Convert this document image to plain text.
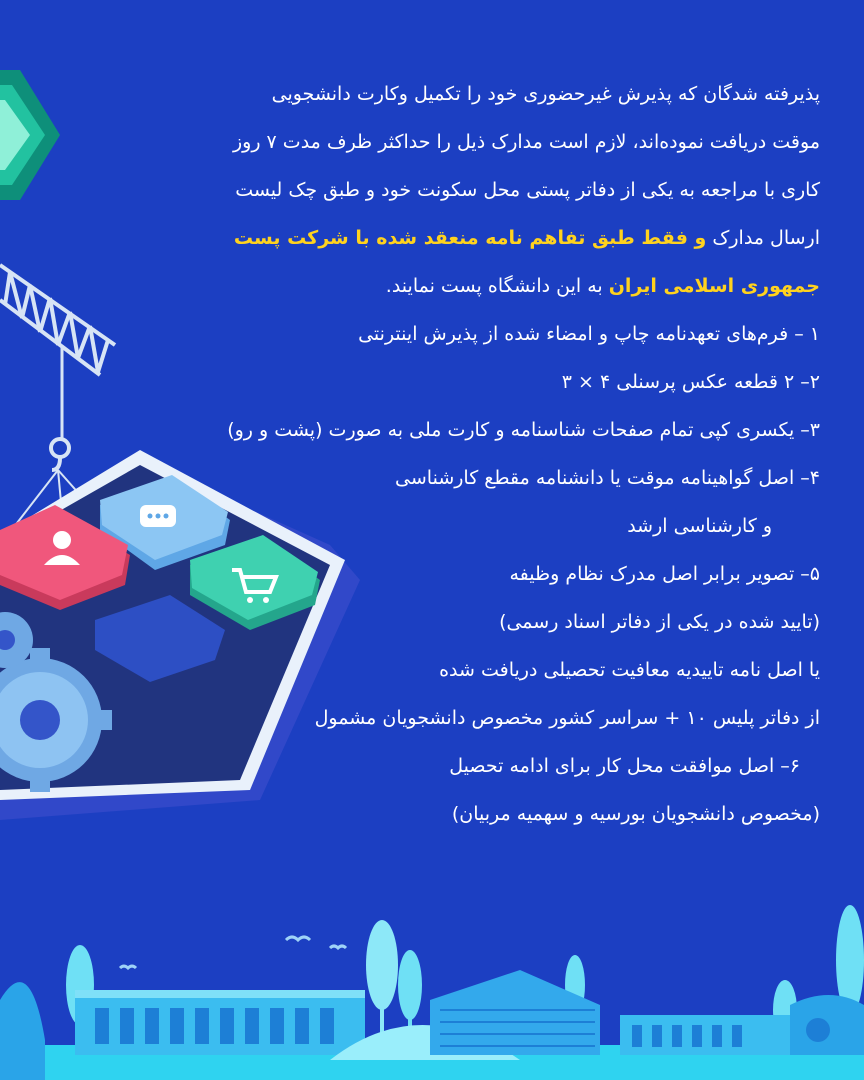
پذیرفته شدگان که پذیرش غیرحضوری خود را تکمیل وکارت دانشجویی
موقت دریافت نموده‌اند، لازم است مدارک ذیل را حداکثر ظرف مدت ۷ روز
کاری با مراجعه به یکی از دفاتر پستی محل سکونت خود و طبق چک لیست
ارسال مدارک و فقط طبق تفاهم نامه منعقد شده با شرکت پست
جمهوری اسلامی ایران به این دانشگاه پست نمایند.
۱ – فرم‌های تعهدنامه چاپ و امضاء شده از پذیرش اینترنتی
۲– ۲ قطعه عکس پرسنلی ۴ × ۳
۳– یکسری کپی تمام صفحات شناسنامه و کارت ملی به صورت (پشت و رو)
۴– اصل گواهینامه موقت یا دانشنامه مقطع کارشناسی
و کارشناسی ارشد
۵– تصویر برابر اصل مدرک نظام وظیفه
(تایید شده در یکی از دفاتر اسناد رسمی)
یا اصل نامه تاییدیه معافیت تحصیلی دریافت شده
از دفاتر پلیس ۱۰ + سراسر کشور مخصوص دانشجویان مشمول
۶– اصل موافقت محل کار برای ادامه تحصیل
(مخصوص دانشجویان بورسیه و سهمیه مربیان)
